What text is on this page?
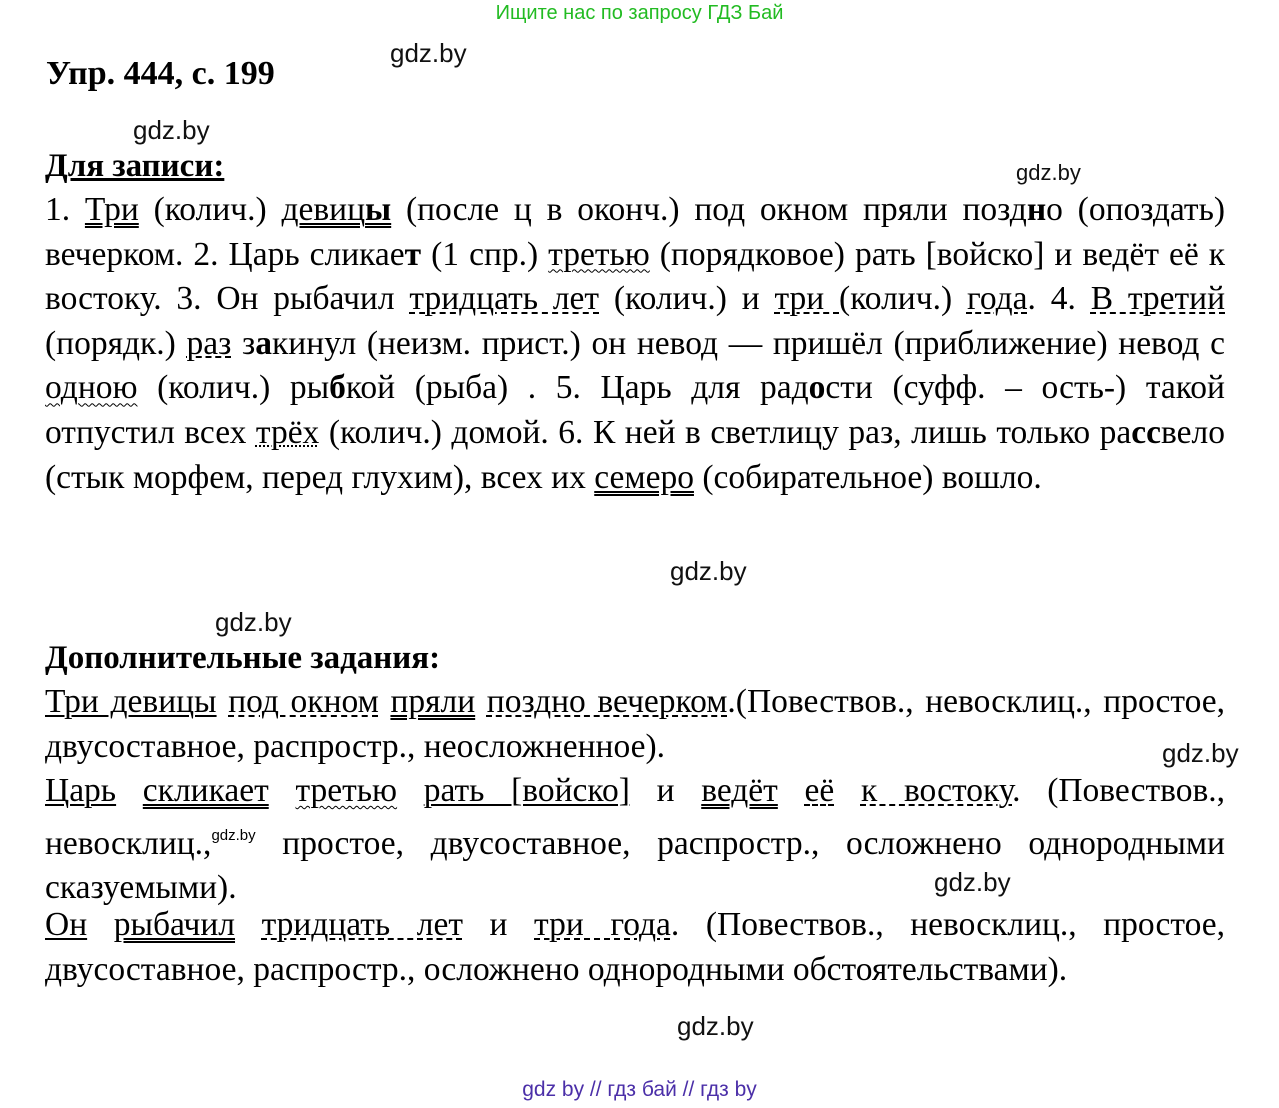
Ищите нас по запросу ГДЗ Бай
Упр. 444, с. 199
gdz.by
gdz.by
gdz.by
gdz.by
gdz.by
gdz.by
gdz.by
gdz.by
Для записи:

1. Три (колич.) девицы (после ц в оконч.) под окном пряли поздно (опоздать) вечерком. 2. Царь сликает (1 спр.) третью (порядковое) рать [войско] и ведёт её к востоку. 3. Он рыбачил тридцать лет (колич.) и три (колич.) года. 4. В третий (порядк.) раз закинул (неизм. прист.) он невод — пришёл (приближение) невод с одною (колич.) рыбкой (рыба) . 5. Царь для радости (суфф. – ость-) такой отпустил всех трёх (колич.) домой. 6. К ней в светлицу раз, лишь только рассвело (стык морфем, перед глухим), всех их семеро (собирательное) вошло.

Дополнительные задания:

Три девицы под окном пряли поздно вечерком.(Повествов., невосклиц., простое, двусоставное, распростр., неосложненное).

Царь скликает третью рать [войско] и ведёт её к востоку. (Повествов., невосклиц.,$^{gdz.by}$ простое, двусоставное, распростр., осложнено однородными сказуемыми).

Он рыбачил тридцать лет и три года. (Повествов., невосклиц., простое, двусоставное, распростр., осложнено однородными обстоятельствами).

gdz by // гдз бай // гдз by
